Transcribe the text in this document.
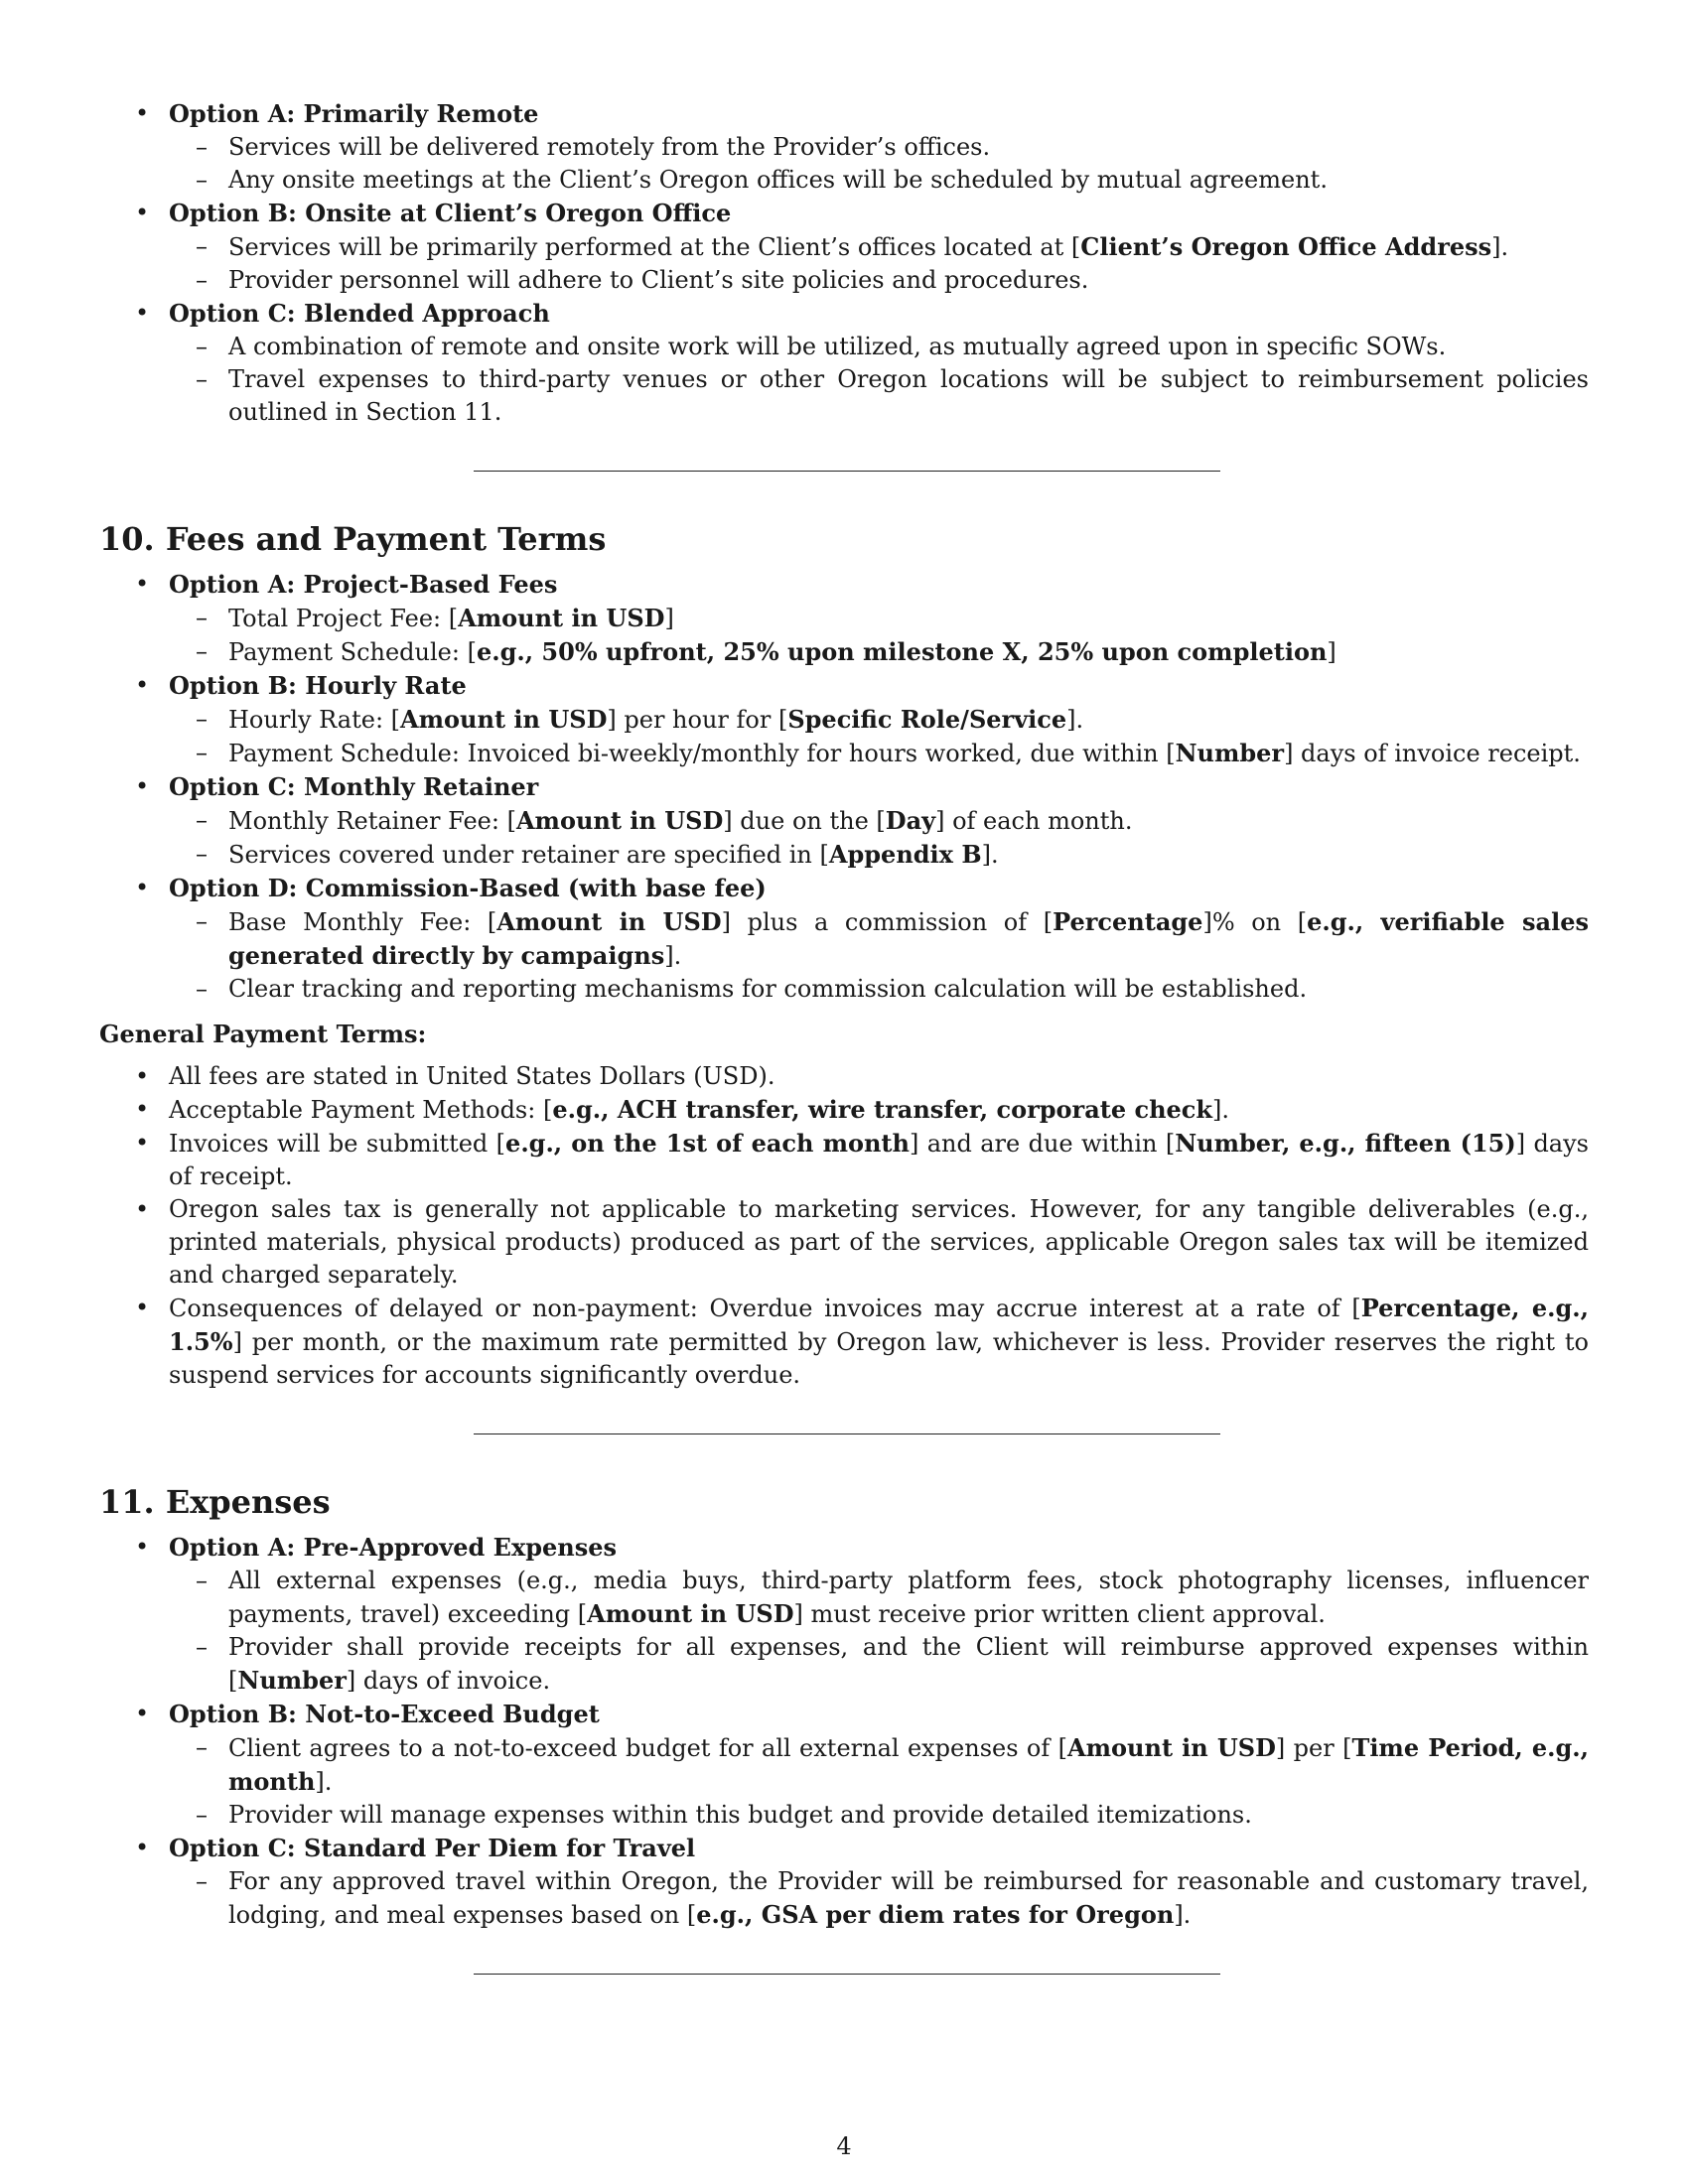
• Option A: Primarily Remote
– Services will be delivered remotely from the Provider’s offices.
– Any onsite meetings at the Client’s Oregon offices will be scheduled by mutual agreement.
• Option B: Onsite at Client’s Oregon Office
– Services will be primarily performed at the Client’s offices located at [Client’s Oregon Office Address].
– Provider personnel will adhere to Client’s site policies and procedures.
• Option C: Blended Approach
– A combination of remote and onsite work will be utilized, as mutually agreed upon in specific SOWs.
– Travel expenses to third-party venues or other Oregon locations will be subject to reimbursement policies outlined in Section 11.
10. Fees and Payment Terms
• Option A: Project-Based Fees
– Total Project Fee: [Amount in USD]
– Payment Schedule: [e.g., 50% upfront, 25% upon milestone X, 25% upon completion]
• Option B: Hourly Rate
– Hourly Rate: [Amount in USD] per hour for [Specific Role/Service].
– Payment Schedule: Invoiced bi-weekly/monthly for hours worked, due within [Number] days of invoice receipt.
• Option C: Monthly Retainer
– Monthly Retainer Fee: [Amount in USD] due on the [Day] of each month.
– Services covered under retainer are specified in [Appendix B].
• Option D: Commission-Based (with base fee)
– Base Monthly Fee: [Amount in USD] plus a commission of [Percentage]% on [e.g., verifiable sales generated directly by campaigns].
– Clear tracking and reporting mechanisms for commission calculation will be established.
General Payment Terms:
• All fees are stated in United States Dollars (USD).
• Acceptable Payment Methods: [e.g., ACH transfer, wire transfer, corporate check].
• Invoices will be submitted [e.g., on the 1st of each month] and are due within [Number, e.g., fifteen (15)] days of receipt.
• Oregon sales tax is generally not applicable to marketing services. However, for any tangible deliverables (e.g., printed materials, physical products) produced as part of the services, applicable Oregon sales tax will be itemized and charged separately.
• Consequences of delayed or non-payment: Overdue invoices may accrue interest at a rate of [Percentage, e.g., 1.5%] per month, or the maximum rate permitted by Oregon law, whichever is less. Provider reserves the right to suspend services for accounts significantly overdue.
11. Expenses
• Option A: Pre-Approved Expenses
– All external expenses (e.g., media buys, third-party platform fees, stock photography licenses, influencer payments, travel) exceeding [Amount in USD] must receive prior written client approval.
– Provider shall provide receipts for all expenses, and the Client will reimburse approved expenses within [Number] days of invoice.
• Option B: Not-to-Exceed Budget
– Client agrees to a not-to-exceed budget for all external expenses of [Amount in USD] per [Time Period, e.g., month].
– Provider will manage expenses within this budget and provide detailed itemizations.
• Option C: Standard Per Diem for Travel
– For any approved travel within Oregon, the Provider will be reimbursed for reasonable and customary travel, lodging, and meal expenses based on [e.g., GSA per diem rates for Oregon].
4
